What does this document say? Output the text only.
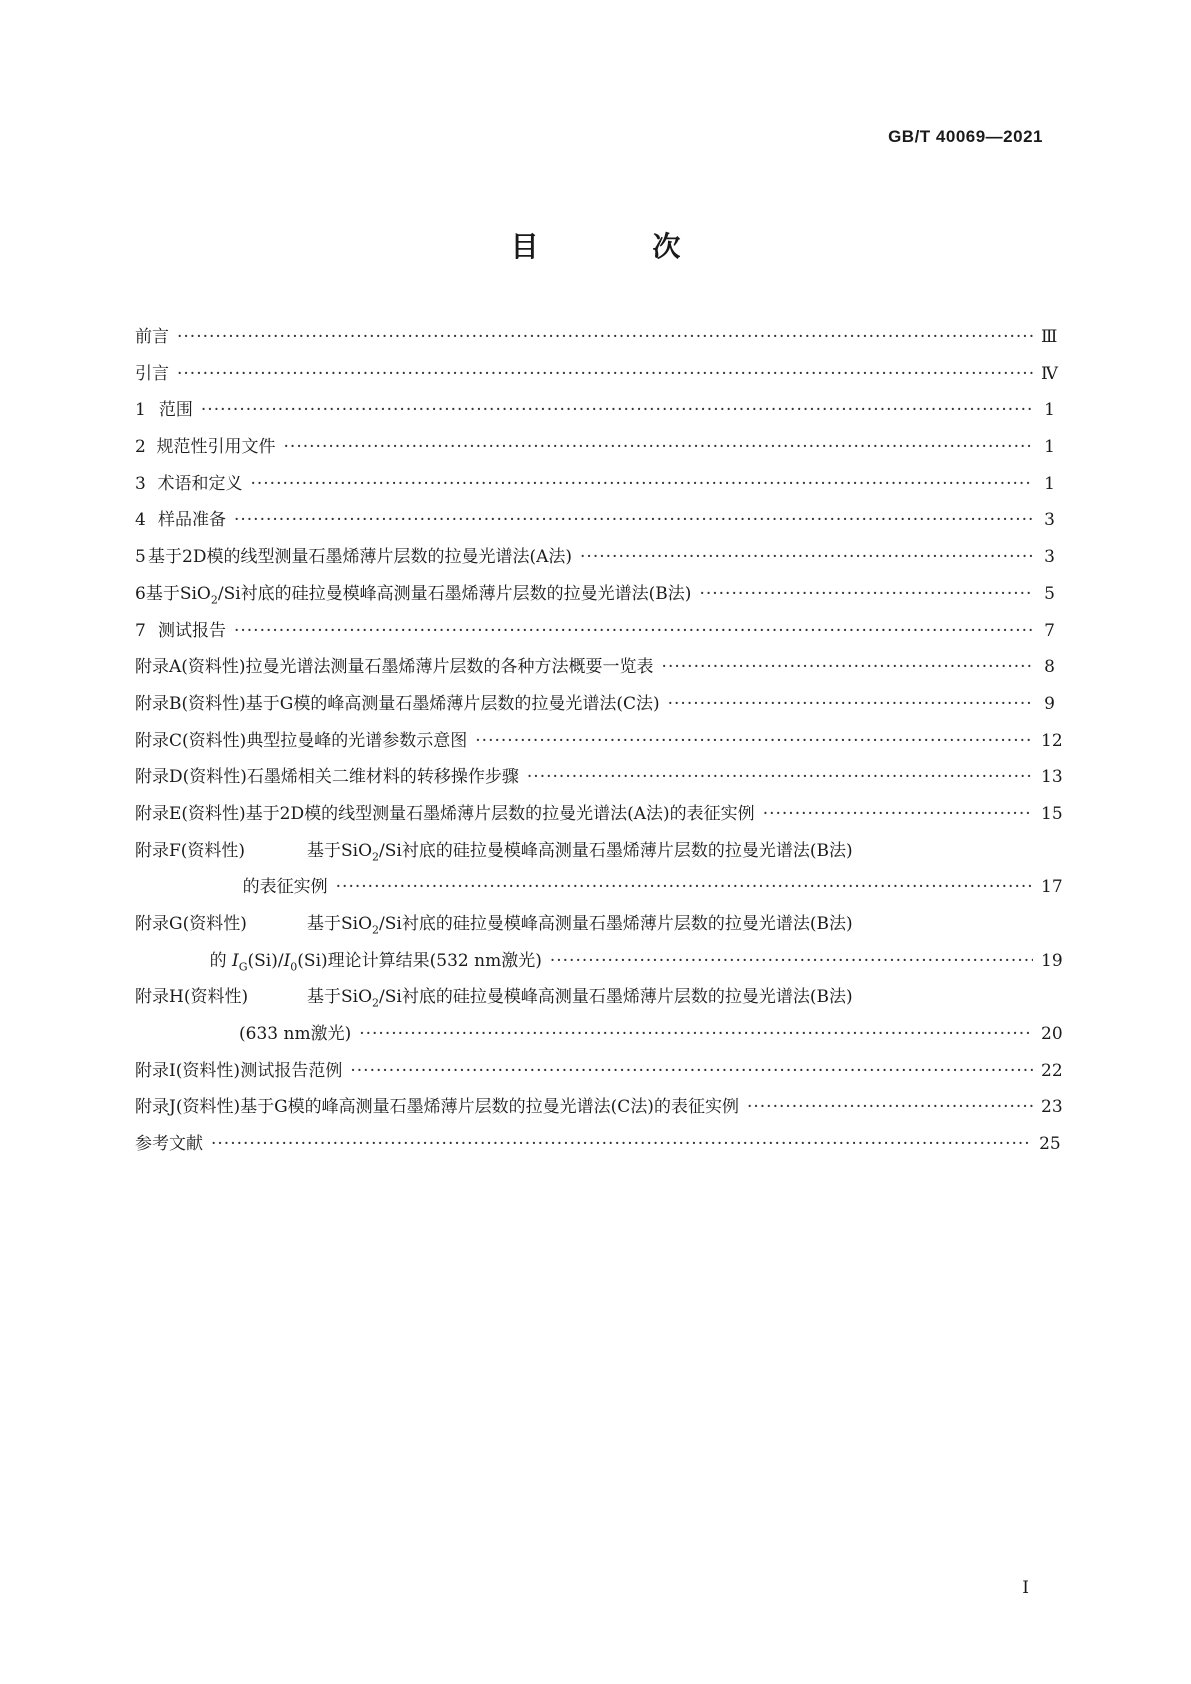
GB/T 40069—2021
目 次
前言 ·····	Ⅲ
引言 ·····	Ⅳ
1 范围 ·····	1
2 规范性引用文件 ·····	1
3 术语和定义 ·····	1
4 样品准备 ·····	3
5 基于2D模的线型测量石墨烯薄片层数的拉曼光谱法(A法) ·····	3
6 基于SiO$_2$/Si衬底的硅拉曼模峰高测量石墨烯薄片层数的拉曼光谱法(B法) ·····	5
7 测试报告 ·····	7
附录A(资料性) 拉曼光谱法测量石墨烯薄片层数的各种方法概要一览表 ·····	8
附录B(资料性) 基于G模的峰高测量石墨烯薄片层数的拉曼光谱法(C法) ·····	9
附录C(资料性) 典型拉曼峰的光谱参数示意图 ·····	12
附录D(资料性) 石墨烯相关二维材料的转移操作步骤 ·····	13
附录E(资料性) 基于2D模的线型测量石墨烯薄片层数的拉曼光谱法(A法)的表征实例 ·····	15
附录F(资料性)	基于SiO$_2$/Si衬底的硅拉曼模峰高测量石墨烯薄片层数的拉曼光谱法(B法)
的表征实例 ·····	17
附录G(资料性)	基于SiO$_2$/Si衬底的硅拉曼模峰高测量石墨烯薄片层数的拉曼光谱法(B法)
的 $I_G(Si)/I_0(Si)$理论计算结果(532 nm激光) ·····	19
附录H(资料性)	基于SiO$_2$/Si衬底的硅拉曼模峰高测量石墨烯薄片层数的拉曼光谱法(B法)
(633 nm激光) ·····	20
附录I(资料性) 测试报告范例 ·····	22
附录J(资料性) 基于G模的峰高测量石墨烯薄片层数的拉曼光谱法(C法)的表征实例 ·····	23
参考文献 ·····	25
I
